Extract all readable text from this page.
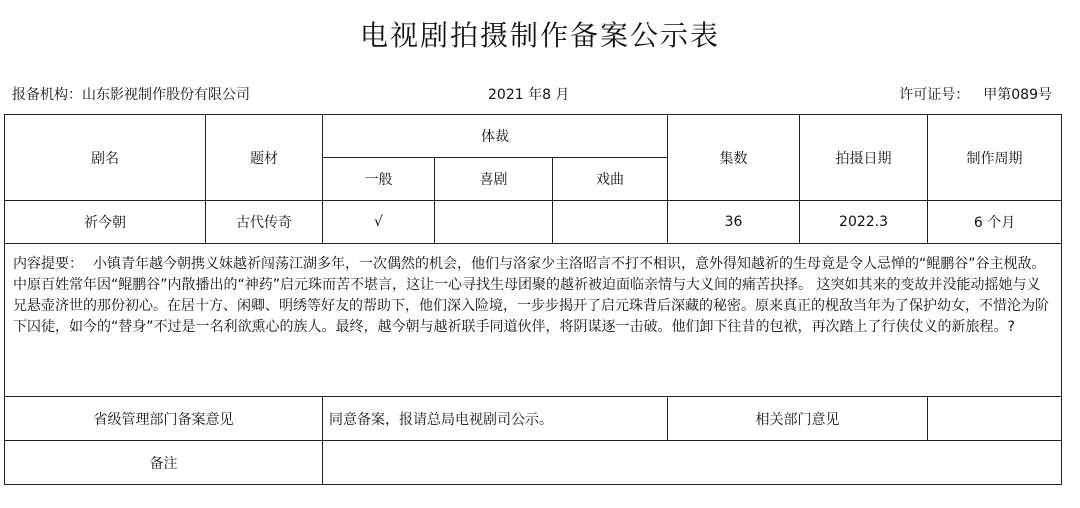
电视剧拍摄制作备案公示表
报备机构：山东影视制作股份有限公司	2021 年8 月	许可证号： 甲第089号
剧名	题材	体裁			集数	拍摄日期	制作周期
		一般	喜剧	戏曲			
祈今朝	古代传奇	√			36	2022.3	6 个月
内容提要： 小镇青年越今朝携义妹越祈闯荡江湖多年，一次偶然的机会，他们与洛家少主洛昭言不打不相识，意外得知越祈的生母竟是令人忌惮的“鲲鹏谷”谷主枧敌。中原百姓常年因“鲲鹏谷”内散播出的“神药”启元珠而苦不堪言，这让一心寻找生母团聚的越祈被迫面临亲情与大义间的痛苦抉择。 这突如其来的变故并没能动摇她与义兄悬壶济世的那份初心。在居十方、闲卿、明绣等好友的帮助下，他们深入险境，一步步揭开了启元珠背后深藏的秘密。原来真正的枧敌当年为了保护幼女，不惜沦为阶下囚徒，如今的“替身”不过是一名利欲熏心的族人。最终，越今朝与越祈联手同道伙伴，将阴谋逐一击破。他们卸下往昔的包袱，再次踏上了行侠仗义的新旅程。?							
省级管理部门备案意见		同意备案，报请总局电视剧司公示。			相关部门意见		
备注							
